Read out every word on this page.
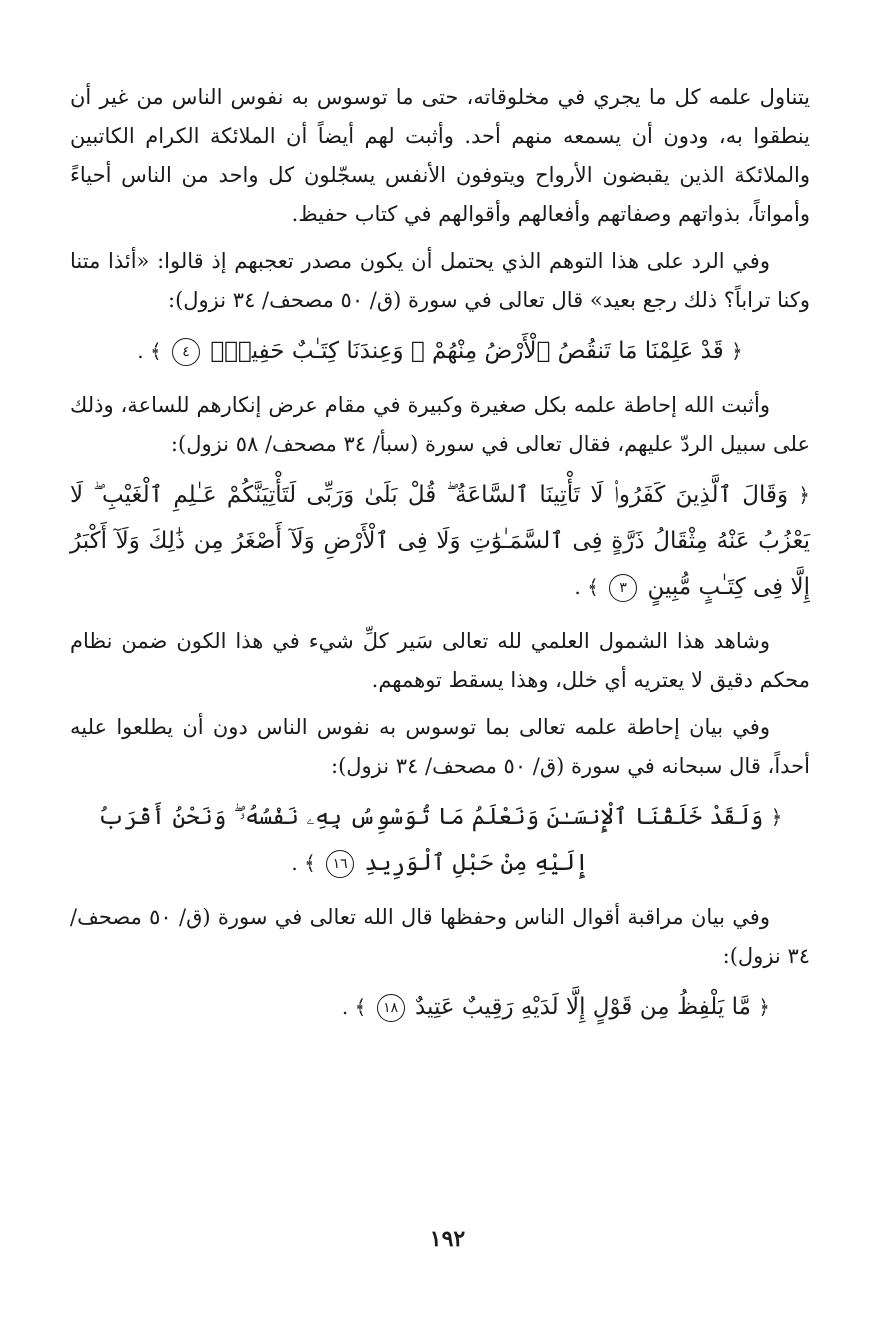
يتناول علمه كل ما يجري في مخلوقاته، حتى ما توسوس به نفوس الناس من غير أن ينطقوا به، ودون أن يسمعه منهم أحد. وأثبت لهم أيضاً أن الملائكة الكرام الكاتبين والملائكة الذين يقبضون الأرواح ويتوفون الأنفس يسجّلون كل واحد من الناس أحياءً وأمواتاً، بذواتهم وصفاتهم وأفعالهم وأقوالهم في كتاب حفيظ.

وفي الرد على هذا التوهم الذي يحتمل أن يكون مصدر تعجبهم إذ قالوا: «أئذا متنا وكنا تراباً؟ ذلك رجع بعيد» قال تعالى في سورة (ق/ ٥٠ مصحف/ ٣٤ نزول):

﴿ قَدْ عَلِمْنَا مَا تَنقُصُ ٱلْأَرْضُ مِنْهُمْ ۖ وَعِندَنَا كِتَـٰبٌ حَفِيظٌۢ ٤ ﴾ .

وأثبت الله إحاطة علمه بكل صغيرة وكبيرة في مقام عرض إنكارهم للساعة، وذلك على سبيل الردّ عليهم، فقال تعالى في سورة (سبأ/ ٣٤ مصحف/ ٥٨ نزول):

﴿ وَقَالَ ٱلَّذِينَ كَفَرُوا۟ لَا تَأْتِينَا ٱلسَّاعَةُ ۖ قُلْ بَلَىٰ وَرَبِّى لَتَأْتِيَنَّكُمْ عَـٰلِمِ ٱلْغَيْبِ ۖ لَا يَعْزُبُ عَنْهُ مِثْقَالُ ذَرَّةٍ فِى ٱلسَّمَـٰوَٰتِ وَلَا فِى ٱلْأَرْضِ وَلَآ أَصْغَرُ مِن ذَٰلِكَ وَلَآ أَكْبَرُ إِلَّا فِى كِتَـٰبٍ مُّبِينٍ ٣ ﴾ .

وشاهد هذا الشمول العلمي لله تعالى سَير كلِّ شيء في هذا الكون ضمن نظام محكم دقيق لا يعتريه أي خلل، وهذا يسقط توهمهم.

وفي بيان إحاطة علمه تعالى بما توسوس به نفوس الناس دون أن يطلعوا عليه أحداً، قال سبحانه في سورة (ق/ ٥٠ مصحف/ ٣٤ نزول):

﴿ وَلَقَدْ خَلَقْنَا ٱلْإِنسَـٰنَ وَنَعْلَمُ مَا تُوَسْوِسُ بِهِۦ نَفْسُهُۥ ۖ وَنَحْنُ أَقْرَبُ إِلَيْهِ مِنْ حَبْلِ ٱلْوَرِيدِ ١٦ ﴾ .

وفي بيان مراقبة أقوال الناس وحفظها قال الله تعالى في سورة (ق/ ٥٠ مصحف/ ٣٤ نزول):

﴿ مَّا يَلْفِظُ مِن قَوْلٍ إِلَّا لَدَيْهِ رَقِيبٌ عَتِيدٌ ١٨ ﴾ .
١٩٢
